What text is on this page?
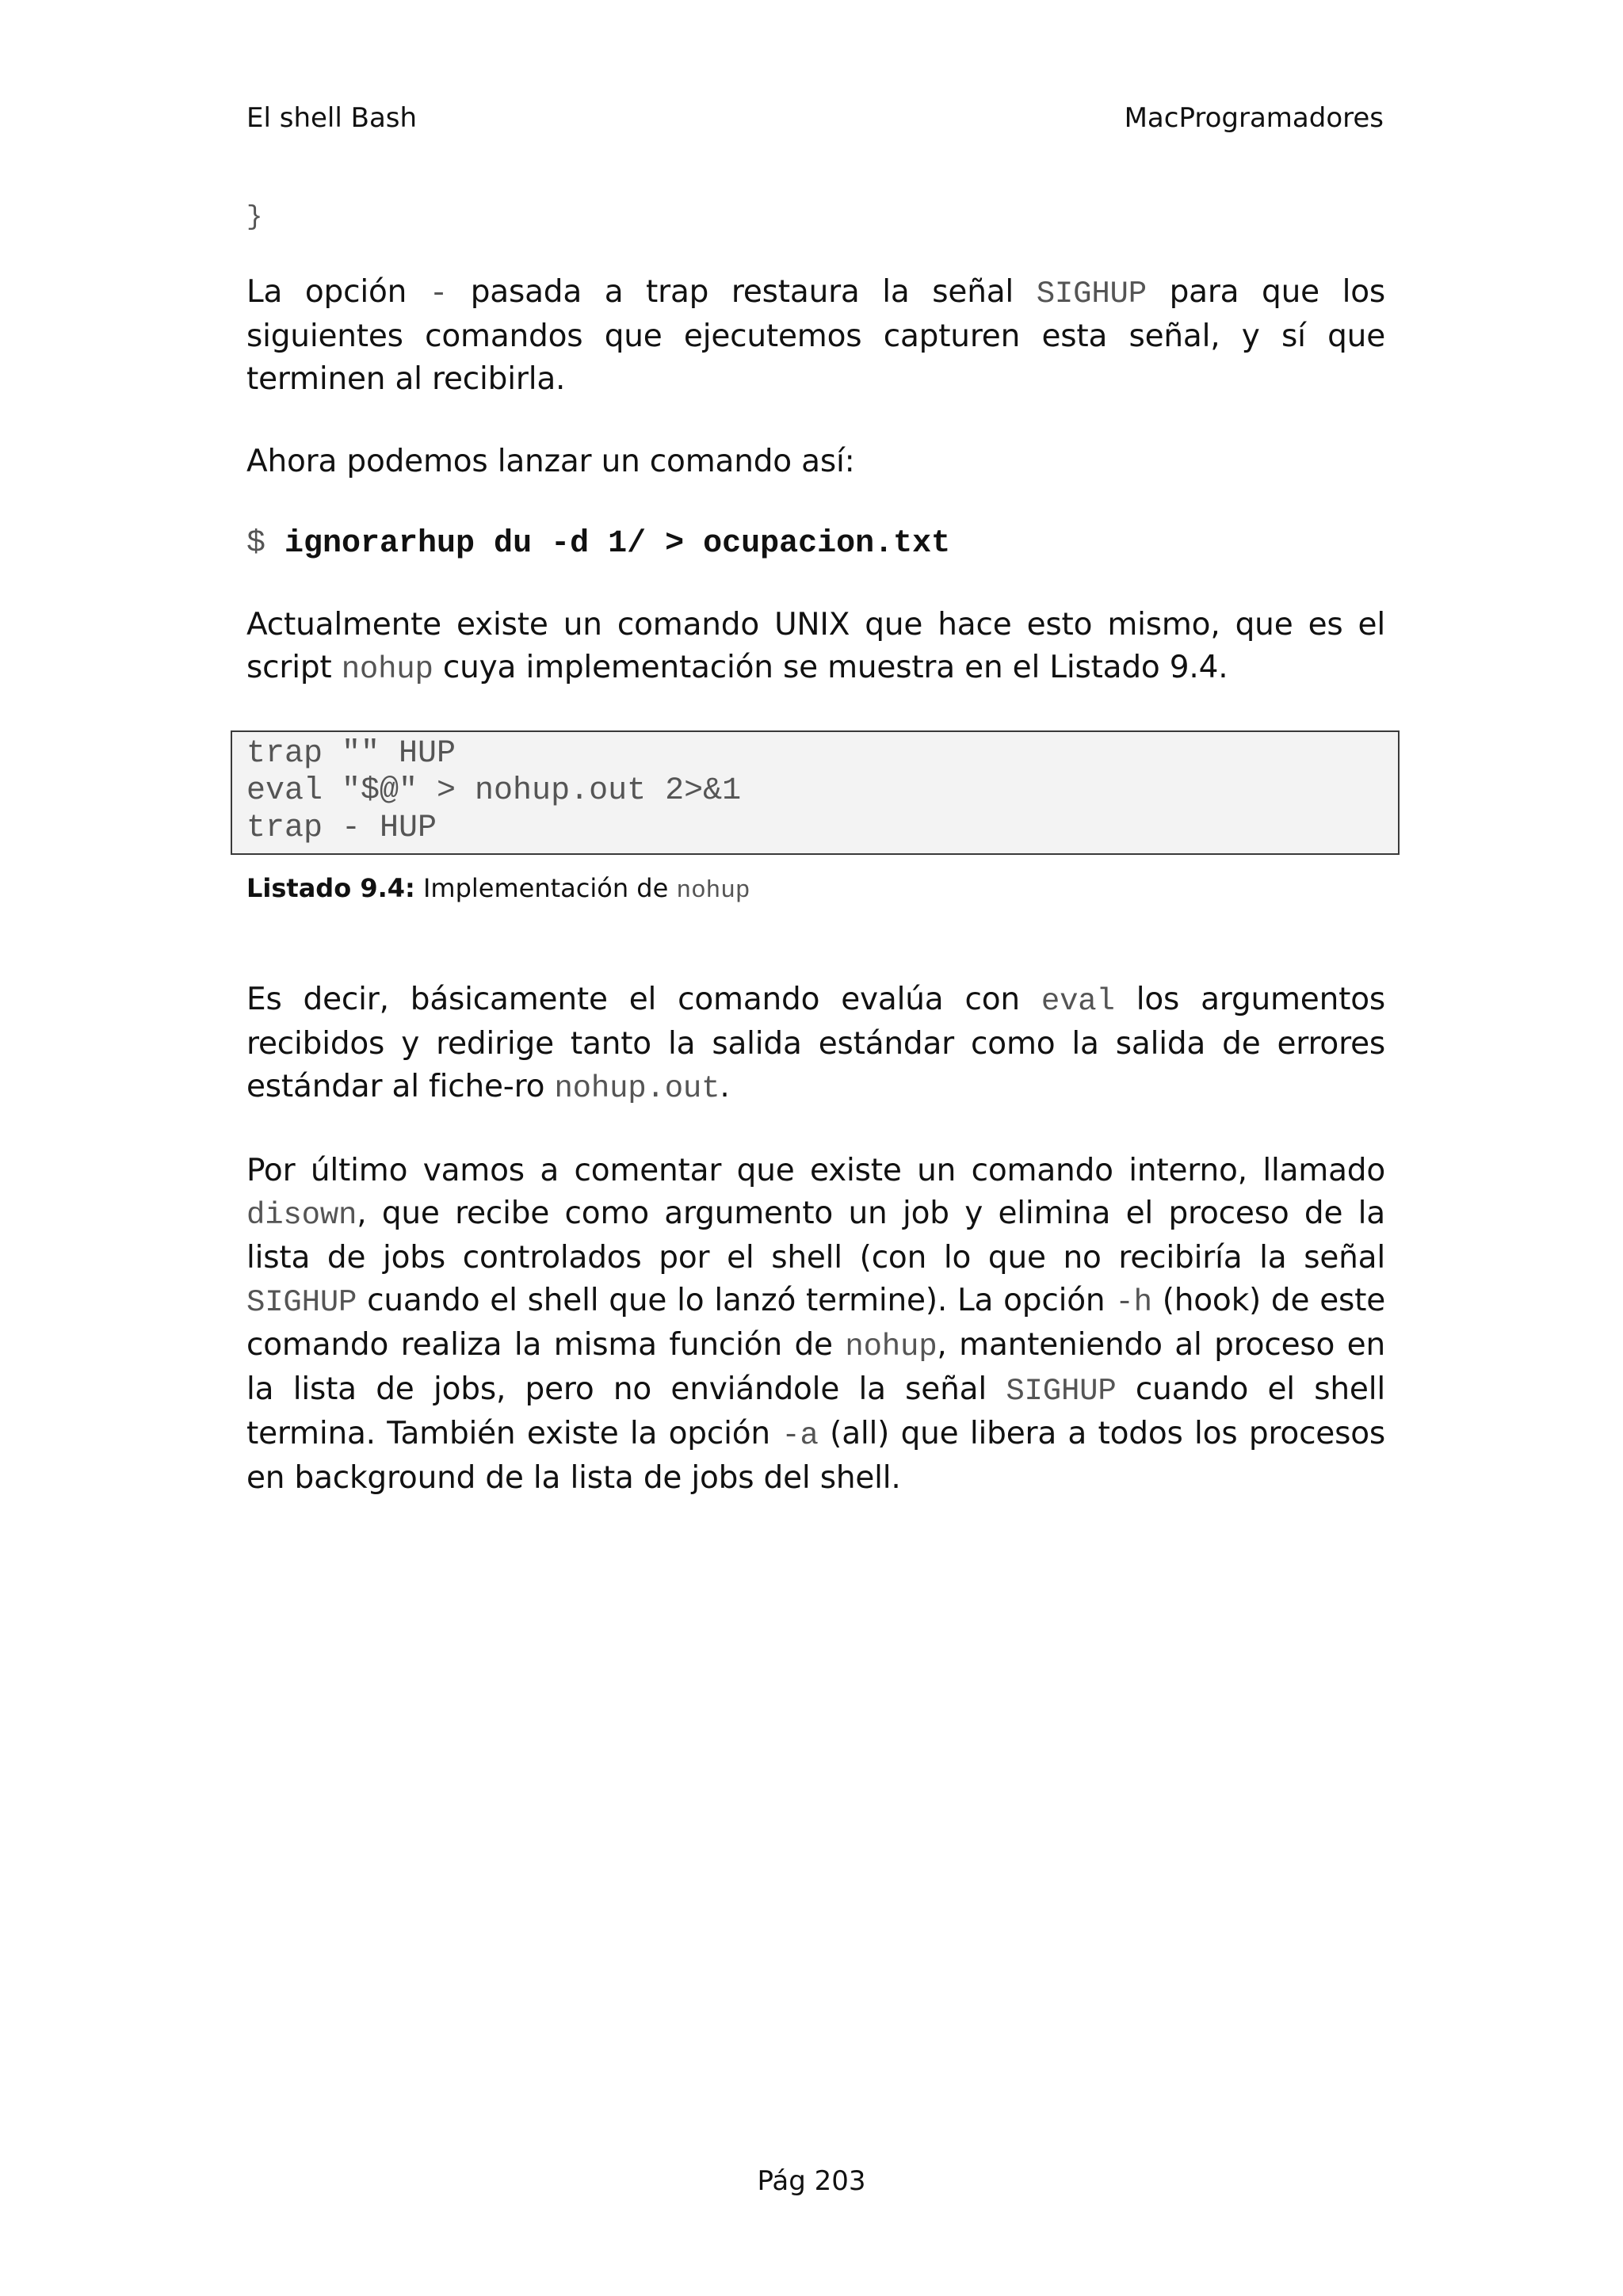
El shell Bash	MacProgramadores
}

La opción - pasada a trap restaura la señal SIGHUP para que los siguientes comandos que ejecutemos capturen esta señal, y sí que terminen al recibirla.

Ahora podemos lanzar un comando así:

$ ignorarhup du -d 1/ > ocupacion.txt

Actualmente existe un comando UNIX que hace esto mismo, que es el script nohup cuya implementación se muestra en el Listado 9.4.

trap "" HUP
eval "$@" > nohup.out 2>&1
trap - HUP
Listado 9.4: Implementación de nohup

Es decir, básicamente el comando evalúa con eval los argumentos recibidos y redirige tanto la salida estándar como la salida de errores estándar al fiche-ro nohup.out.

Por último vamos a comentar que existe un comando interno, llamado disown, que recibe como argumento un job y elimina el proceso de la lista de jobs controlados por el shell (con lo que no recibiría la señal SIGHUP cuando el shell que lo lanzó termine). La opción -h (hook) de este comando realiza la misma función de nohup, manteniendo al proceso en la lista de jobs, pero no enviándole la señal SIGHUP cuando el shell termina. También existe la opción -a (all) que libera a todos los procesos en background de la lista de jobs del shell.

Pág 203
